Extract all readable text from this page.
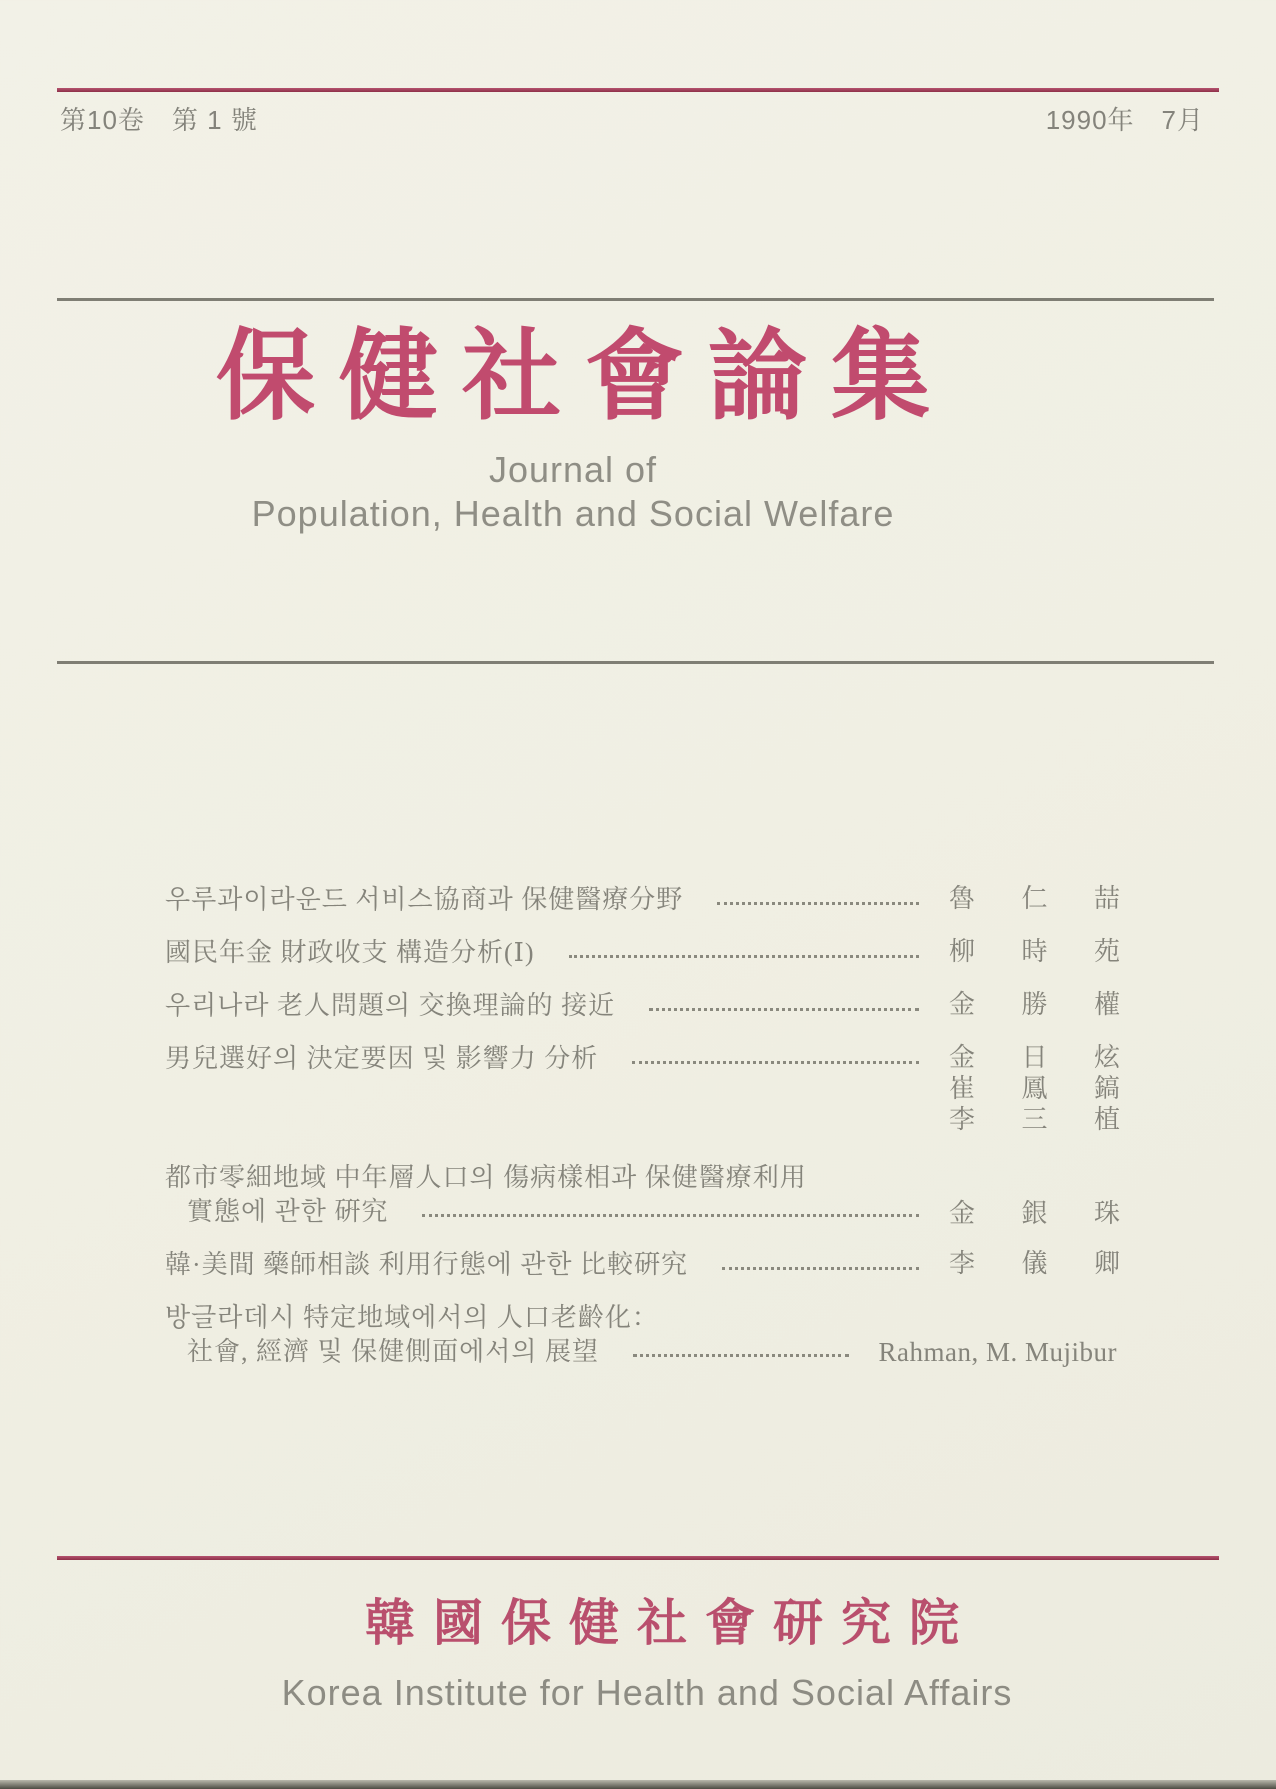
第10卷　第 1 號	1990年　7月
保健社會論集
Journal of
Population, Health and Social Welfare
우루과이라운드 서비스協商과 保健醫療分野	魯 仁 喆
國民年金 財政收支 構造分析(Ⅰ)	柳 時 苑
우리나라 老人問題의 交換理論的 接近	金 勝 權
男兒選好의 決定要因 및 影響力 分析	金 日 炫
崔 鳳 鎬
李 三 植
都市零細地域 中年層人口의 傷病樣相과 保健醫療利用
實態에 관한 硏究	金 銀 珠
韓·美間 藥師相談 利用行態에 관한 比較硏究	李 儀 卿
방글라데시 特定地域에서의 人口老齡化：
社會, 經濟 및 保健側面에서의 展望	Rahman, M. Mujibur
韓國保健社會研究院
Korea Institute for Health and Social Affairs
